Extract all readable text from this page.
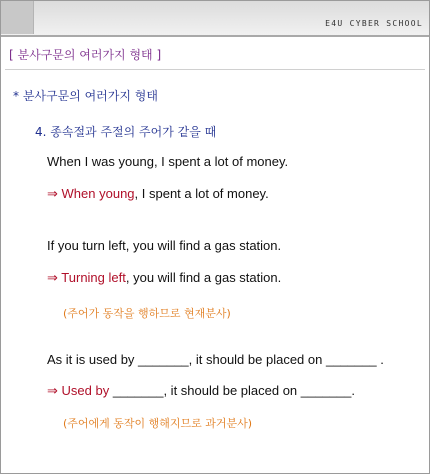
E4U CYBER SCHOOL
[ 분사구문의 여러가지 형태 ]
* 분사구문의 여러가지 형태
4. 종속절과 주절의 주어가 같을 때
When I was young, I spent a lot of money.
⇒ When young, I spent a lot of money.
If you turn left, you will find a gas station.
⇒ Turning left, you will find a gas station.
(주어가 동작을 행하므로 현재분사)
As it is used by _______, it should be placed on _______ .
⇒ Used by _______, it should be placed on _______.
(주어에게 동작이 행해지므로 과거분사)
